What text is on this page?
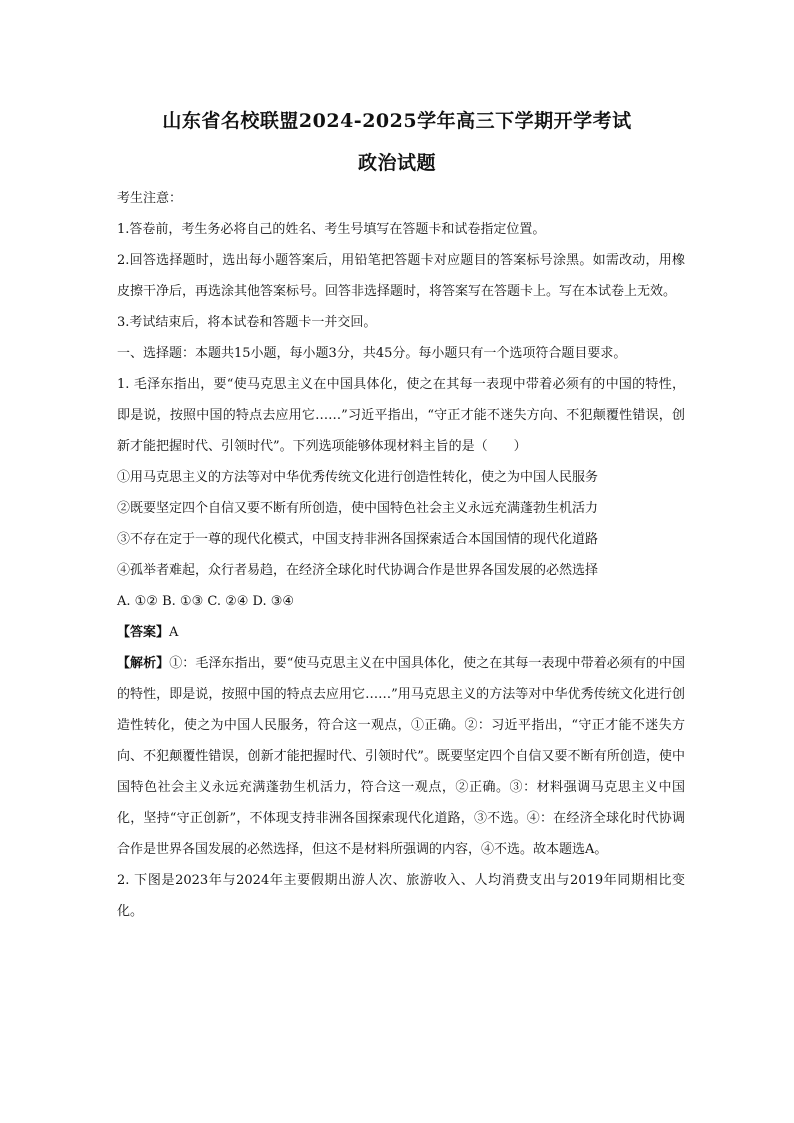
山东省名校联盟2024-2025学年高三下学期开学考试
政治试题

考生注意：

1.答卷前，考生务必将自己的姓名、考生号填写在答题卡和试卷指定位置。

2.回答选择题时，选出每小题答案后，用铅笔把答题卡对应题目的答案标号涂黑。如需改动，用橡皮擦干净后，再选涂其他答案标号。回答非选择题时，将答案写在答题卡上。写在本试卷上无效。

3.考试结束后，将本试卷和答题卡一并交回。

一、选择题：本题共15小题，每小题3分，共45分。每小题只有一个选项符合题目要求。

1. 毛泽东指出，要“使马克思主义在中国具体化，使之在其每一表现中带着必须有的中国的特性，即是说，按照中国的特点去应用它……”习近平指出，“守正才能不迷失方向、不犯颠覆性错误，创新才能把握时代、引领时代”。下列选项能够体现材料主旨的是（　　）

①用马克思主义的方法等对中华优秀传统文化进行创造性转化，使之为中国人民服务

②既要坚定四个自信又要不断有所创造，使中国特色社会主义永远充满蓬勃生机活力

③不存在定于一尊的现代化模式，中国支持非洲各国探索适合本国国情的现代化道路

④孤举者难起，众行者易趋，在经济全球化时代协调合作是世界各国发展的必然选择

A. ①② B. ①③ C. ②④ D. ③④

【答案】A

【解析】①：毛泽东指出，要“使马克思主义在中国具体化，使之在其每一表现中带着必须有的中国的特性，即是说，按照中国的特点去应用它……”用马克思主义的方法等对中华优秀传统文化进行创造性转化，使之为中国人民服务，符合这一观点，①正确。②：习近平指出，“守正才能不迷失方向、不犯颠覆性错误，创新才能把握时代、引领时代”。既要坚定四个自信又要不断有所创造，使中国特色社会主义永远充满蓬勃生机活力，符合这一观点，②正确。③：材料强调马克思主义中国化，坚持“守正创新”，不体现支持非洲各国探索现代化道路，③不选。④：在经济全球化时代协调合作是世界各国发展的必然选择，但这不是材料所强调的内容，④不选。故本题选A。

2. 下图是2023年与2024年主要假期出游人次、旅游收入、人均消费支出与2019年同期相比变化。
